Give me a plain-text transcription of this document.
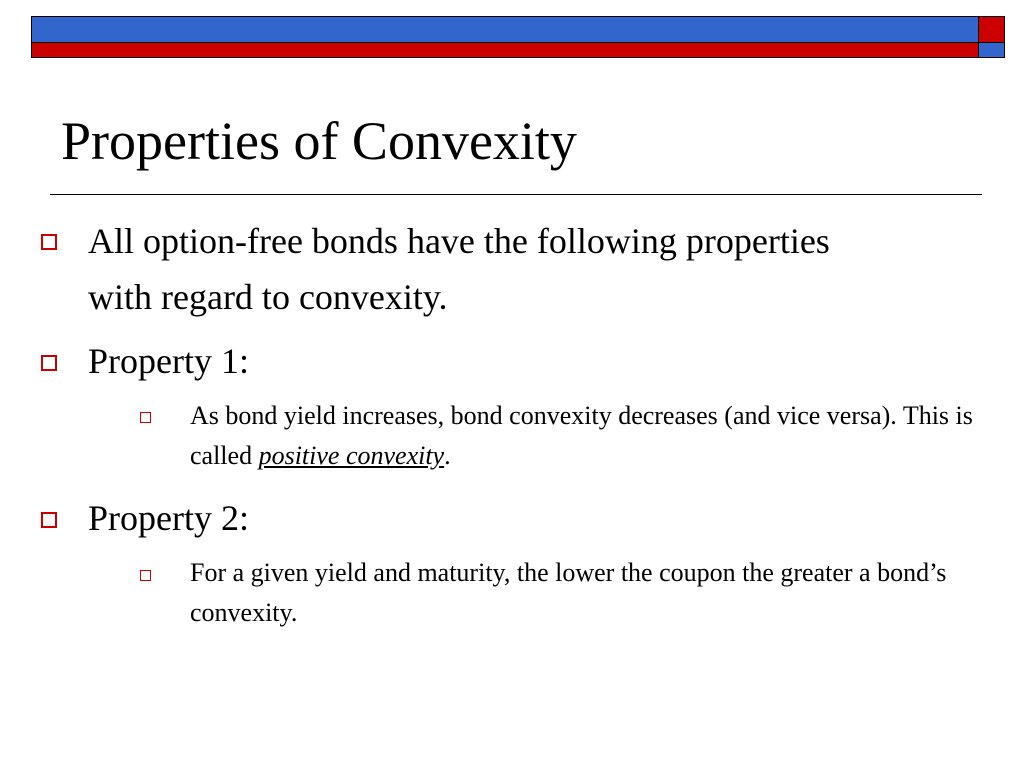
Properties of Convexity

All option-free bonds have the following properties with regard to convexity.

Property 1:

As bond yield increases, bond convexity decreases (and vice versa). This is called positive convexity.

Property 2:

For a given yield and maturity, the lower the coupon the greater a bond’s convexity.
